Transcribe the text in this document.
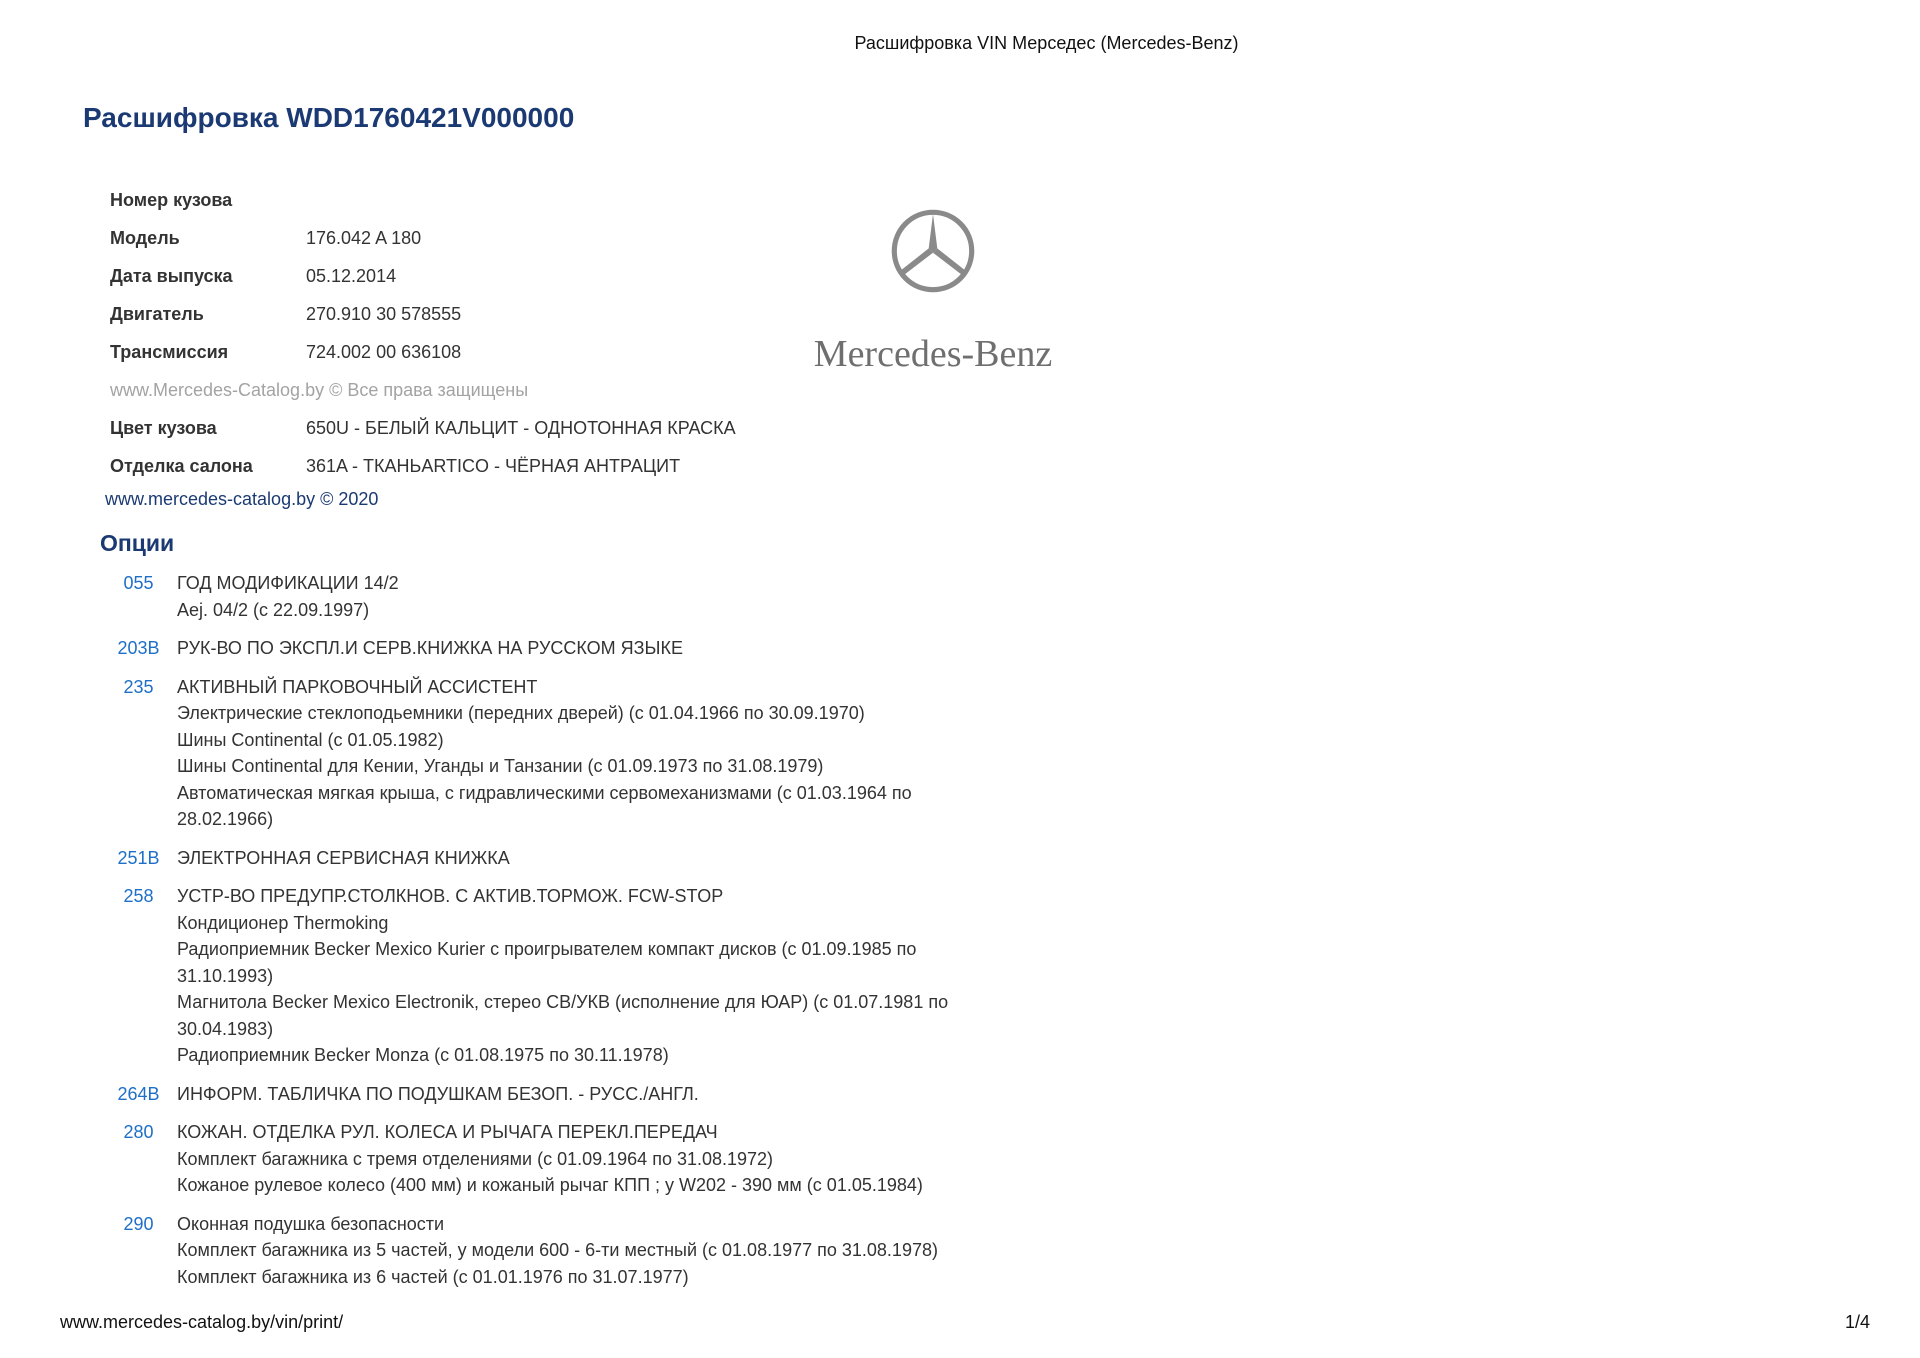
Расшифровка VIN Мерседес (Mercedes-Benz)
Расшифровка WDD1760421V000000
Номер кузова
Модель	176.042 A 180
Дата выпуска	05.12.2014
Двигатель	270.910 30 578555
Трансмиссия	724.002 00 636108
www.Mercedes-Catalog.by © Все права защищены
Цвет кузова	650U - БЕЛЫЙ КАЛЬЦИТ - ОДНОТОННАЯ КРАСКА
Отделка салона	361A - ТКАНЬARTICO - ЧЁРНАЯ АНТРАЦИТ
www.mercedes-catalog.by © 2020
Mercedes-Benz
Опции
055	ГОД МОДИФИКАЦИИ 14/2
Aej. 04/2 (с 22.09.1997)
203B РУК-ВО ПО ЭКСПЛ.И СЕРВ.КНИЖКА НА РУССКОМ ЯЗЫКЕ
235	АКТИВНЫЙ ПАРКОВОЧНЫЙ АССИСТЕНТ
Электрические стеклоподьемники (передних дверей) (с 01.04.1966 по 30.09.1970)
Шины Continental (с 01.05.1982)
Шины Continental для Кении, Уганды и Танзании (с 01.09.1973 по 31.08.1979)
Автоматическая мягкая крыша, с гидравлическими сервомеханизмами (с 01.03.1964 по 28.02.1966)
251B ЭЛЕКТРОННАЯ СЕРВИСНАЯ КНИЖКА
258	УСТР-ВО ПРЕДУПР.СТОЛКНОВ. С АКТИВ.ТОРМОЖ. FCW-STOP
Кондиционер Thermoking
Радиоприемник Becker Mexico Kurier с проигрывателем компакт дисков (с 01.09.1985 по 31.10.1993)
Магнитола Becker Mexico Electronik, стерео СВ/УКВ (исполнение для ЮАР) (с 01.07.1981 по 30.04.1983)
Радиоприемник Becker Monza (с 01.08.1975 по 30.11.1978)
264B ИНФОРМ. ТАБЛИЧКА ПО ПОДУШКАМ БЕЗОП. - РУСС./АНГЛ.
280	КОЖАН. ОТДЕЛКА РУЛ. КОЛЕСА И РЫЧАГА ПЕРЕКЛ.ПЕРЕДАЧ
Комплект багажника с тремя отделениями (с 01.09.1964 по 31.08.1972)
Кожаное рулевое колесо (400 мм) и кожаный рычаг КПП ; у W202 - 390 мм (с 01.05.1984)
290	Оконная подушка безопасности
Комплект багажника из 5 частей, у модели 600 - 6-ти местный (с 01.08.1977 по 31.08.1978)
Комплект багажника из 6 частей (с 01.01.1976 по 31.07.1977)
www.mercedes-catalog.by/vin/print/	1/4
